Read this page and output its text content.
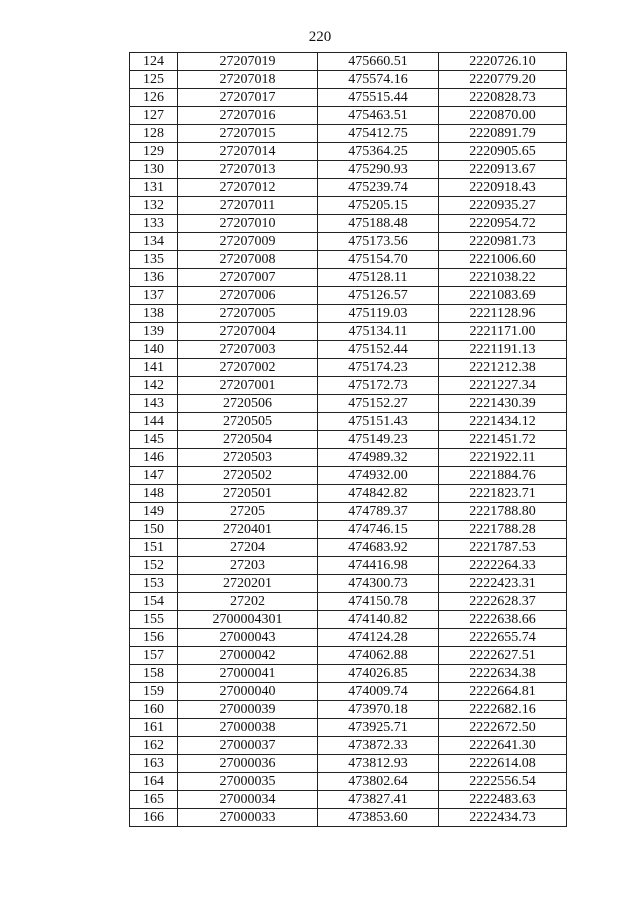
220
124	27207019	475660.51	2220726.10
125	27207018	475574.16	2220779.20
126	27207017	475515.44	2220828.73
127	27207016	475463.51	2220870.00
128	27207015	475412.75	2220891.79
129	27207014	475364.25	2220905.65
130	27207013	475290.93	2220913.67
131	27207012	475239.74	2220918.43
132	27207011	475205.15	2220935.27
133	27207010	475188.48	2220954.72
134	27207009	475173.56	2220981.73
135	27207008	475154.70	2221006.60
136	27207007	475128.11	2221038.22
137	27207006	475126.57	2221083.69
138	27207005	475119.03	2221128.96
139	27207004	475134.11	2221171.00
140	27207003	475152.44	2221191.13
141	27207002	475174.23	2221212.38
142	27207001	475172.73	2221227.34
143	2720506	475152.27	2221430.39
144	2720505	475151.43	2221434.12
145	2720504	475149.23	2221451.72
146	2720503	474989.32	2221922.11
147	2720502	474932.00	2221884.76
148	2720501	474842.82	2221823.71
149	27205	474789.37	2221788.80
150	2720401	474746.15	2221788.28
151	27204	474683.92	2221787.53
152	27203	474416.98	2222264.33
153	2720201	474300.73	2222423.31
154	27202	474150.78	2222628.37
155	2700004301	474140.82	2222638.66
156	27000043	474124.28	2222655.74
157	27000042	474062.88	2222627.51
158	27000041	474026.85	2222634.38
159	27000040	474009.74	2222664.81
160	27000039	473970.18	2222682.16
161	27000038	473925.71	2222672.50
162	27000037	473872.33	2222641.30
163	27000036	473812.93	2222614.08
164	27000035	473802.64	2222556.54
165	27000034	473827.41	2222483.63
166	27000033	473853.60	2222434.73
